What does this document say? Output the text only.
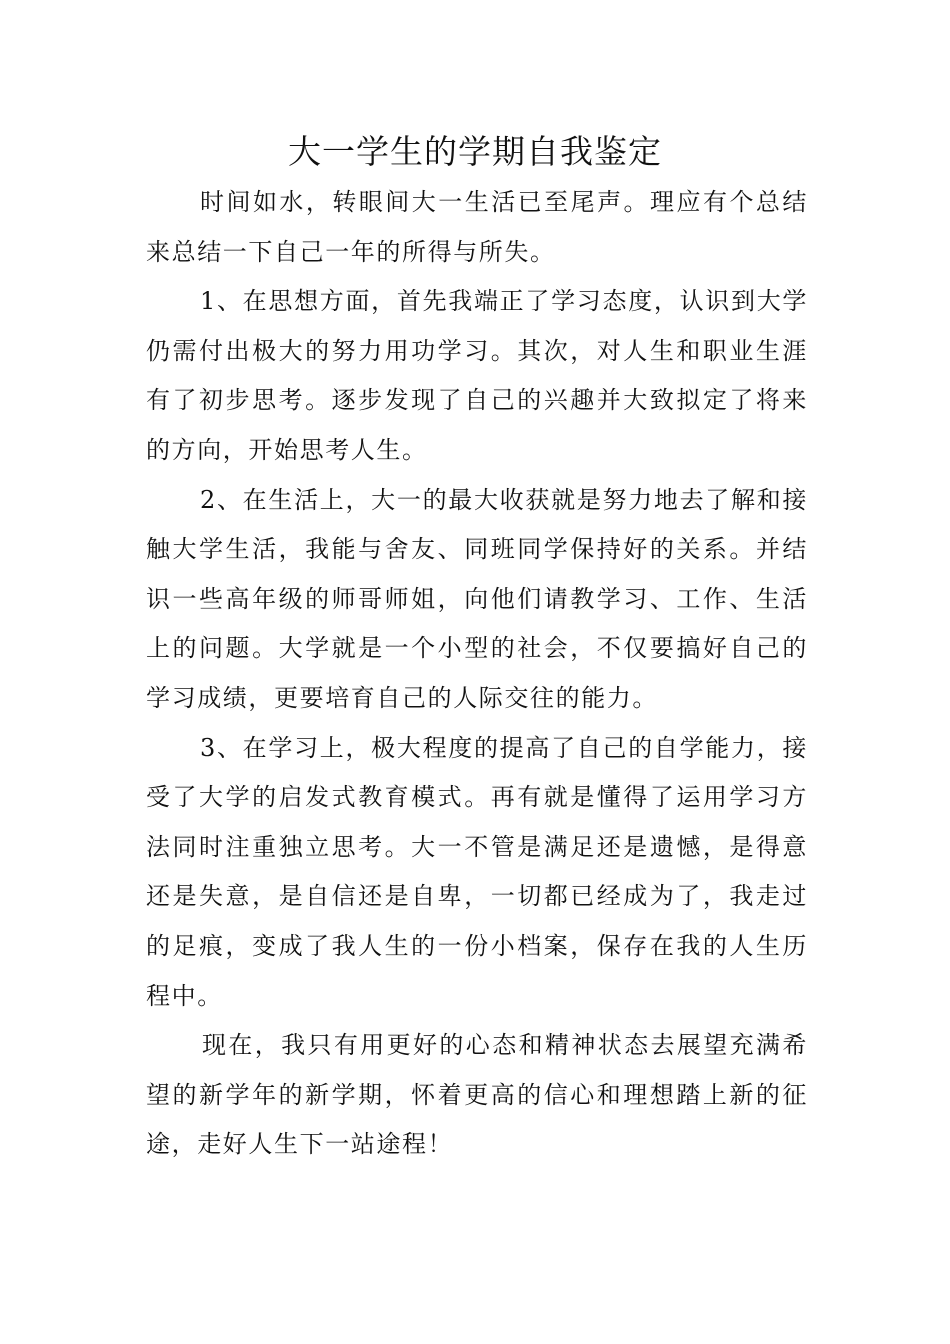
大一学生的学期自我鉴定

时间如水，转眼间大一生活已至尾声。理应有个总结来总结一下自己一年的所得与所失。

1、在思想方面，首先我端正了学习态度，认识到大学仍需付出极大的努力用功学习。其次，对人生和职业生涯有了初步思考。逐步发现了自己的兴趣并大致拟定了将来的方向，开始思考人生。

2、在生活上，大一的最大收获就是努力地去了解和接触大学生活，我能与舍友、同班同学保持好的关系。并结识一些高年级的师哥师姐，向他们请教学习、工作、生活上的问题。大学就是一个小型的社会，不仅要搞好自己的学习成绩，更要培育自己的人际交往的能力。

3、在学习上，极大程度的提高了自己的自学能力，接受了大学的启发式教育模式。再有就是懂得了运用学习方法同时注重独立思考。大一不管是满足还是遗憾，是得意还是失意，是自信还是自卑，一切都已经成为了，我走过的足痕，变成了我人生的一份小档案，保存在我的人生历程中。

现在，我只有用更好的心态和精神状态去展望充满希望的新学年的新学期，怀着更高的信心和理想踏上新的征途，走好人生下一站途程！
